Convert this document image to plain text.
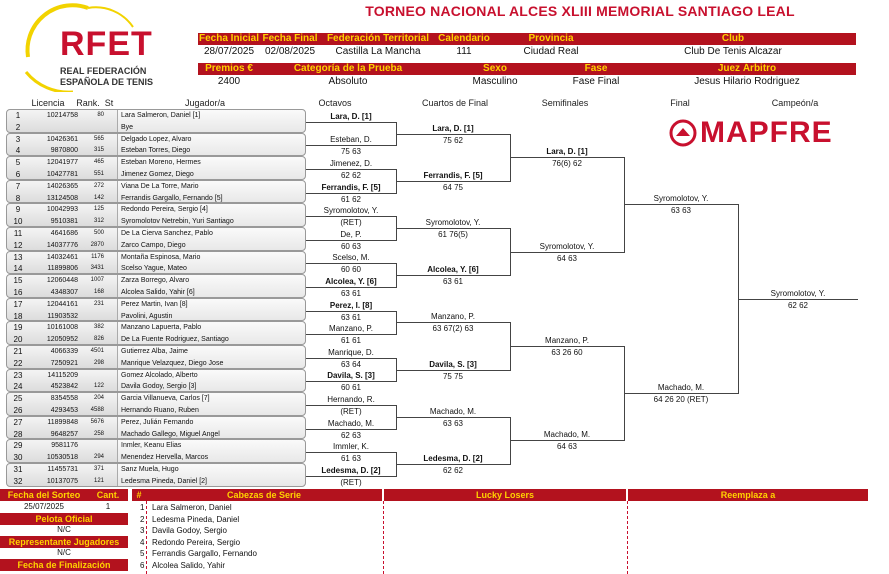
RFET
REAL FEDERACIÓN
ESPAÑOLA DE TENIS
TORNEO NACIONAL ALCES XLIII MEMORIAL SANTIAGO LEAL
Fecha Inicial Fecha Final Federación Territorial Calendario	Provincia	Club
28/07/2025	02/08/2025	Castilla La Mancha	111	Ciudad Real	Club De Tenis Alcazar
Premios €	Categoría de la Prueba	Sexo	Fase	Juez Árbitro
2400	Absoluto	Masculino	Fase Final	Jesus Hilario Rodriguez
Licencia	Rank. St	Jugador/a	Octavos	Cuartos de Final	Semifinales	Final	Campeón/a
MAPFRE
1	10214758	80 Lara Salmeron, Daniel [1]
2	Bye
3	10426361	565 Delgado Lopez, Alvaro
4	9870800	315 Esteban Torres, Diego
5	12041977	465 Esteban Moreno, Hermes
6	10427781	551 Jimenez Gomez, Diego
7	14026365	272 Viana De La Torre, Mario
8	13124508	142 Ferrandis Gargallo, Fernando [5]
9	10042993	125 Redondo Pereira, Sergio [4]
10	9510381	312 Syromolotov Netrebin, Yuri Santiago
11	4641686	500 De La Cierva Sanchez, Pablo
12	14037776	2870 Zarco Campo, Diego
13	14032461	1176 Montaña Espinosa, Mario
14	11899806	3431 Scelso Yague, Mateo
15	12060448	1007 Zarza Borrego, Alvaro
16	4348307	168 Alcolea Salido, Yahir [6]
17	12044161	231 Perez Martin, Ivan [8]
18	11903532	Pavolini, Agustin
19	10161008	382 Manzano Lapuerta, Pablo
20	12050952	826 De La Fuente Rodriguez, Santiago
21	4066339	4501 Gutierrez Alba, Jaime
22	7250921	298 Manrique Velazquez, Diego Jose
23	14115209	Gomez Alcolado, Alberto
24	4523842	122 Davila Godoy, Sergio [3]
25	8354558	204 Garcia Villanueva, Carlos [7]
26	4293453	4588 Hernando Ruano, Ruben
27	11899848	5676 Perez, Julián Fernando
28	9648257	258 Machado Gallego, Miguel Angel
29	9581176	Inmler, Keanu Elias
30	10530518	294 Menendez Hervella, Marcos
31	11455731	371 Sanz Muela, Hugo
32	10137075	121 Ledesma Pineda, Daniel [2]
Lara, D. [1]
Esteban, D.
75 63
Jimenez, D.
62 62
Ferrandis, F. [5]
61 62
Syromolotov, Y.
(RET)
De, P.
60 63
Scelso, M.
60 60
Alcolea, Y. [6]
63 61
Perez, I. [8]
63 61
Manzano, P.
61 61
Manrique, D.
63 64
Davila, S. [3]
60 61
Hernando, R.
(RET)
Machado, M.
62 63
Immler, K.
61 63
Ledesma, D. [2]
(RET)
Lara, D. [1]
75 62
Ferrandis, F. [5]
64 75
Syromolotov, Y.
61 76(5)
Alcolea, Y. [6]
63 61
Manzano, P.
63 67(2) 63
Davila, S. [3]
75 75
Machado, M.
63 63
Ledesma, D. [2]
62 62
Lara, D. [1]
76(6) 62
Syromolotov, Y.
64 63
Manzano, P.
63 26 60
Machado, M.
64 63
Syromolotov, Y.
63 63
Machado, M.
64 26 20 (RET)
Syromolotov, Y.
62 62
Fecha del Sorteo	Cant.
25/07/2025	1
Pelota Oficial
N/C
Representante Jugadores
N/C
Fecha de Finalización
#	Cabezas de Serie	Lucky Losers	Reemplaza a
1 Lara Salmeron, Daniel
2 Ledesma Pineda, Daniel
3 Davila Godoy, Sergio
4 Redondo Pereira, Sergio
5 Ferrandis Gargallo, Fernando
6 Alcolea Salido, Yahir
